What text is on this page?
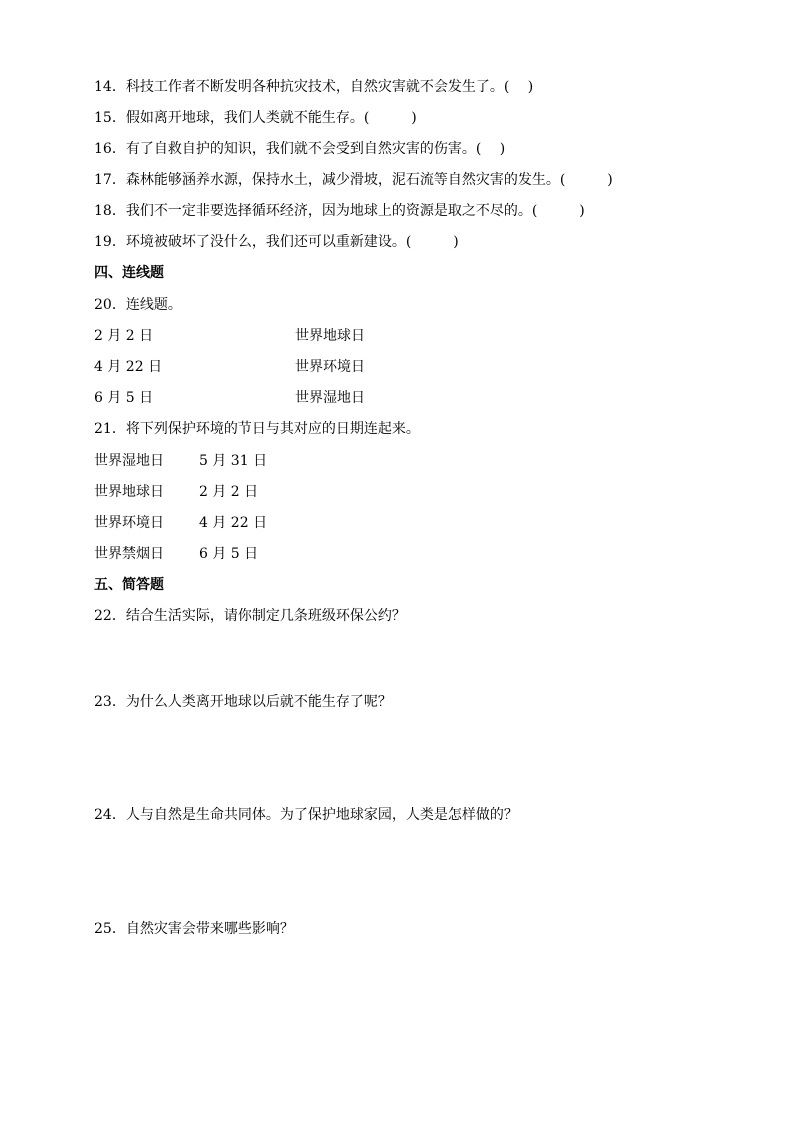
14．科技工作者不断发明各种抗灾技术，自然灾害就不会发生了。(　 )
15．假如离开地球，我们人类就不能生存。(　　　)
16．有了自救自护的知识，我们就不会受到自然灾害的伤害。(　 )
17．森林能够涵养水源，保持水土，减少滑坡，泥石流等自然灾害的发生。(　　　)
18．我们不一定非要选择循环经济，因为地球上的资源是取之不尽的。(　　　)
19．环境被破坏了没什么，我们还可以重新建设。(　　　)
四、连线题
20．连线题。
2 月 2 日	世界地球日
4 月 22 日	世界环境日
6 月 5 日	世界湿地日
21．将下列保护环境的节日与其对应的日期连起来。
世界湿地日	5 月 31 日
世界地球日	2 月 2 日
世界环境日	4 月 22 日
世界禁烟日	6 月 5 日
五、简答题
22．结合生活实际，请你制定几条班级环保公约？
23．为什么人类离开地球以后就不能生存了呢？
24．人与自然是生命共同体。为了保护地球家园，人类是怎样做的？
25．自然灾害会带来哪些影响？
